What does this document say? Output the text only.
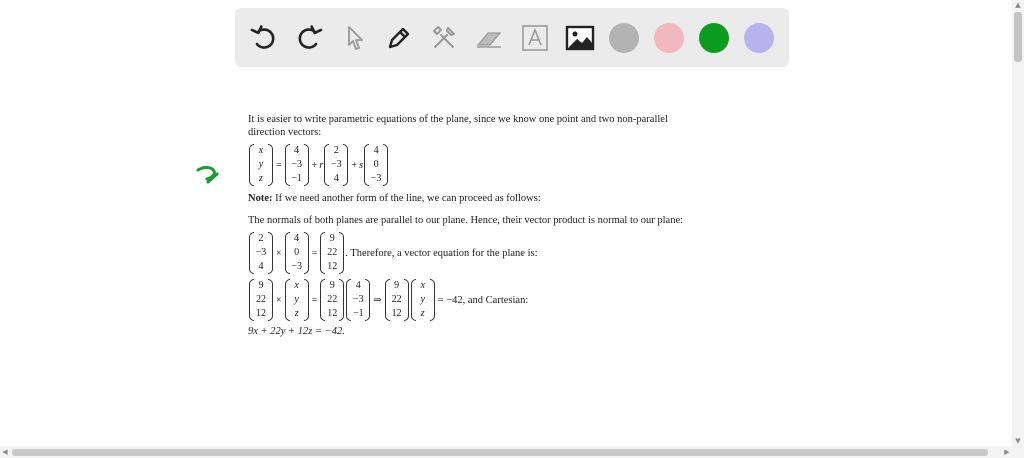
It is easier to write parametric equations of the plane, since we know one point and two non-parallel

direction vectors:

x
y
z
=
4
−3
−1
+ r
2
−3
4
+ s
4
0
−3

Note: If we need another form of the line, we can proceed as follows:

The normals of both planes are parallel to our plane. Hence, their vector product is normal to our plane:

2
−3
4
×
4
0
−3
=
9
22
12
. Therefore, a vector equation for the plane is:
9
22
12
×
x
y
z
=
9
22
12
4
−3
−1
⇒
9
22
12
x
y
z
= −42, and Cartesian:

9x + 22y + 12z = −42.

▲
▼
◀	▶
